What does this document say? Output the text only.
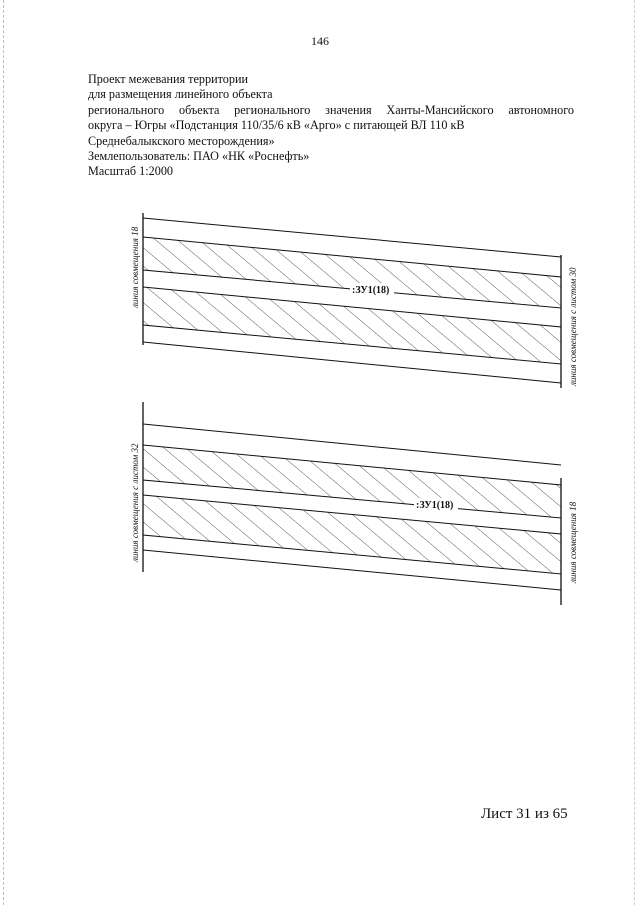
146
Проект межевания территории
для размещения линейного объекта
регионального объекта регионального значения Ханты-Мансийского автономного
округа – Югры «Подстанция 110/35/6 кВ «Арго» с питающей ВЛ 110 кВ
Среднебалыкского месторождения»
Землепользователь: ПАО «НК «Роснефть»
Масштаб 1:2000
:ЗУ1(18)
линия совмещения 18
линия совмещения с листом 30
:ЗУ1(18)
линия совмещения с листом 32	линия совмещения 18
Лист 31 из 65
